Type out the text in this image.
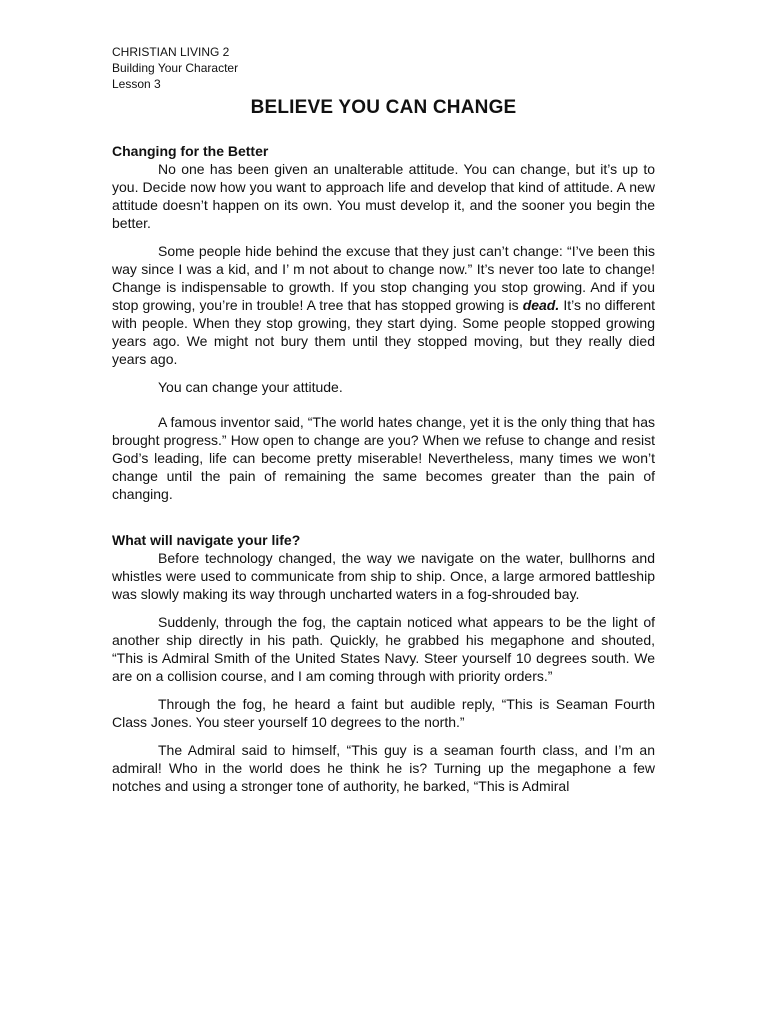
CHRISTIAN LIVING 2

Building Your Character

Lesson 3

BELIEVE YOU CAN CHANGE
Changing for the Better

No one has been given an unalterable attitude. You can change, but it’s up to you. Decide now how you want to approach life and develop that kind of attitude. A new attitude doesn’t happen on its own. You must develop it, and the sooner you begin the better.

Some people hide behind the excuse that they just can’t change: “I’ve been this way since I was a kid, and I’ m not about to change now.” It’s never too late to change! Change is indispensable to growth. If you stop changing you stop growing. And if you stop growing, you’re in trouble! A tree that has stopped growing is dead. It’s no different with people. When they stop growing, they start dying. Some people stopped growing years ago. We might not bury them until they stopped moving, but they really died years ago.

You can change your attitude.

A famous inventor said, “The world hates change, yet it is the only thing that has brought progress.” How open to change are you? When we refuse to change and resist God’s leading, life can become pretty miserable! Nevertheless, many times we won’t change until the pain of remaining the same becomes greater than the pain of changing.

What will navigate your life?

Before technology changed, the way we navigate on the water, bullhorns and whistles were used to communicate from ship to ship. Once, a large armored battleship was slowly making its way through uncharted waters in a fog-shrouded bay.

Suddenly, through the fog, the captain noticed what appears to be the light of another ship directly in his path. Quickly, he grabbed his megaphone and shouted, “This is Admiral Smith of the United States Navy. Steer yourself 10 degrees south. We are on a collision course, and I am coming through with priority orders.”

Through the fog, he heard a faint but audible reply, “This is Seaman Fourth Class Jones. You steer yourself 10 degrees to the north.”

The Admiral said to himself, “This guy is a seaman fourth class, and I’m an admiral! Who in the world does he think he is? Turning up the megaphone a few notches and using a stronger tone of authority, he barked, “This is Admiral
